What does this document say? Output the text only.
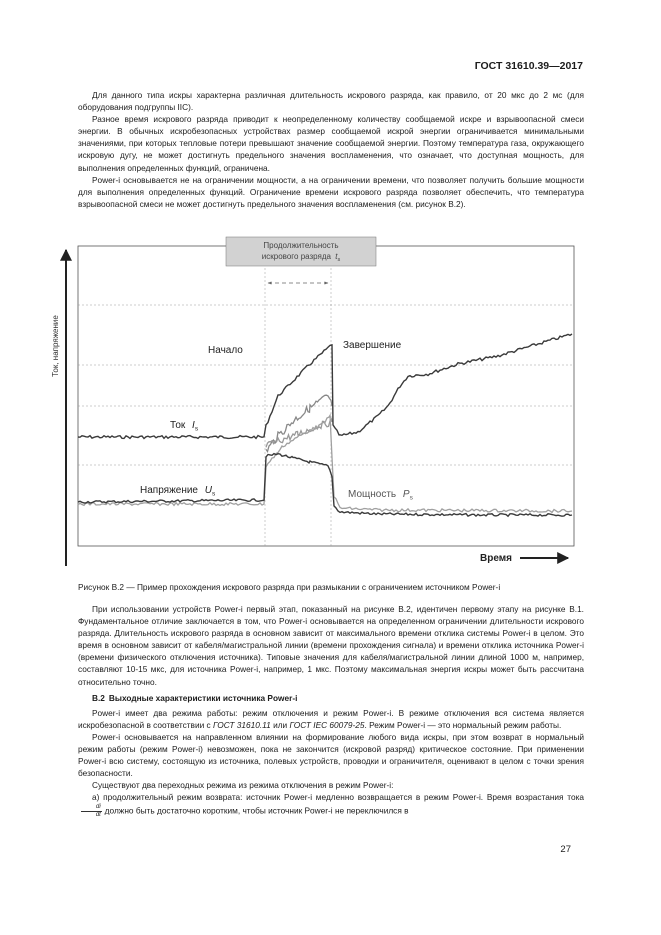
ГОСТ 31610.39—2017

Для данного типа искры характерна различная длительность искрового разряда, как правило, от 20 мкс до 2 мс (для оборудования подгруппы IIC).

Разное время искрового разряда приводит к неопределенному количеству сообщаемой искре и взрывоопасной смеси энергии. В обычных искробезопасных устройствах размер сообщаемой искрой энергии ограничивается минимальными значениями, при которых тепловые потери превышают значение сообщаемой энергии. Поэтому температура газа, окружающего искровую дугу, не может достигнуть предельного значения воспламенения, что означает, что доступная мощность, для выполнения определенных функций, ограничена.

Power-i основывается не на ограничении мощности, а на ограничении времени, что позволяет получить большие мощности для выполнения определенных функций. Ограничение времени искрового разряда позволяет обеспечить, что температура взрывоопасной смеси не может достигнуть предельного значения воспламенения (см. рисунок В.2).

Продолжительность
искрового разряда $t_s$
Ток, напряжение
Время
Начало	Завершение
Ток $I_s$
Напряжение $U_s$	Мощность $P_s$
Рисунок В.2 — Пример прохождения искрового разряда при размыкании с ограничением источником Power-i

При использовании устройств Power-i первый этап, показанный на рисунке В.2, идентичен первому этапу на рисунке В.1. Фундаментальное отличие заключается в том, что Power-i основывается на определенном ограничении длительности искрового разряда. Длительность искрового разряда в основном зависит от максимального времени отклика системы Power-i в целом. Это время в основном зависит от кабеля/магистральной линии (времени прохождения сигнала) и времени отклика источника Power-i (времени физического отключения источника). Типовые значения для кабеля/магистральной линии длиной 1000 м, например, составляют 10-15 мкс, для источника Power-i, например, 1 мкс. Поэтому максимальная энергия искры может быть рассчитана относительно точно.

В.2 Выходные характеристики источника Power-i

Power-i имеет два режима работы: режим отключения и режим Power-i. В режиме отключения вся система является искробезопасной в соответствии с ГОСТ 31610.11 или ГОСТ IEC 60079-25. Режим Power-i — это нормальный режим работы.

Power-i основывается на направленном влиянии на формирование любого вида искры, при этом возврат в нормальный режим работы (режим Power-i) невозможен, пока не закончится (искровой разряд) критическое состояние. При применении Power-i всю систему, состоящую из источника, полевых устройств, проводки и ограничителя, оценивают в целом с точки зрения безопасности.

Существуют два переходных режима из режима отключения в режим Power-i:

а) продолжительный режим возврата: источник Power-i медленно возвращается в режим Power-i. Время возрастания тока
$\frac{di}{dt}$ должно быть достаточно коротким, чтобы источник Power-i не переключился в

27
